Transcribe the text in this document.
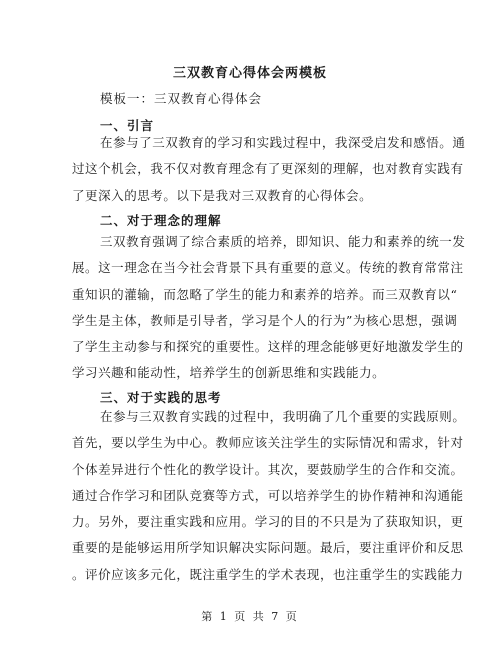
三双教育心得体会两模板
模板一：三双教育心得体会
一、引言
在参与了三双教育的学习和实践过程中，我深受启发和感悟。通
过这个机会，我不仅对教育理念有了更深刻的理解，也对教育实践有
了更深入的思考。以下是我对三双教育的心得体会。
二、对于理念的理解
三双教育强调了综合素质的培养，即知识、能力和素养的统一发
展。这一理念在当今社会背景下具有重要的意义。传统的教育常常注
重知识的灌输，而忽略了学生的能力和素养的培养。而三双教育以“
学生是主体，教师是引导者，学习是个人的行为”为核心思想，强调
了学生主动参与和探究的重要性。这样的理念能够更好地激发学生的
学习兴趣和能动性，培养学生的创新思维和实践能力。
三、对于实践的思考
在参与三双教育实践的过程中，我明确了几个重要的实践原则。
首先，要以学生为中心。教师应该关注学生的实际情况和需求，针对
个体差异进行个性化的教学设计。其次，要鼓励学生的合作和交流。
通过合作学习和团队竞赛等方式，可以培养学生的协作精神和沟通能
力。另外，要注重实践和应用。学习的目的不只是为了获取知识，更
重要的是能够运用所学知识解决实际问题。最后，要注重评价和反思
。评价应该多元化，既注重学生的学术表现，也注重学生的实践能力
第 1 页 共 7 页
